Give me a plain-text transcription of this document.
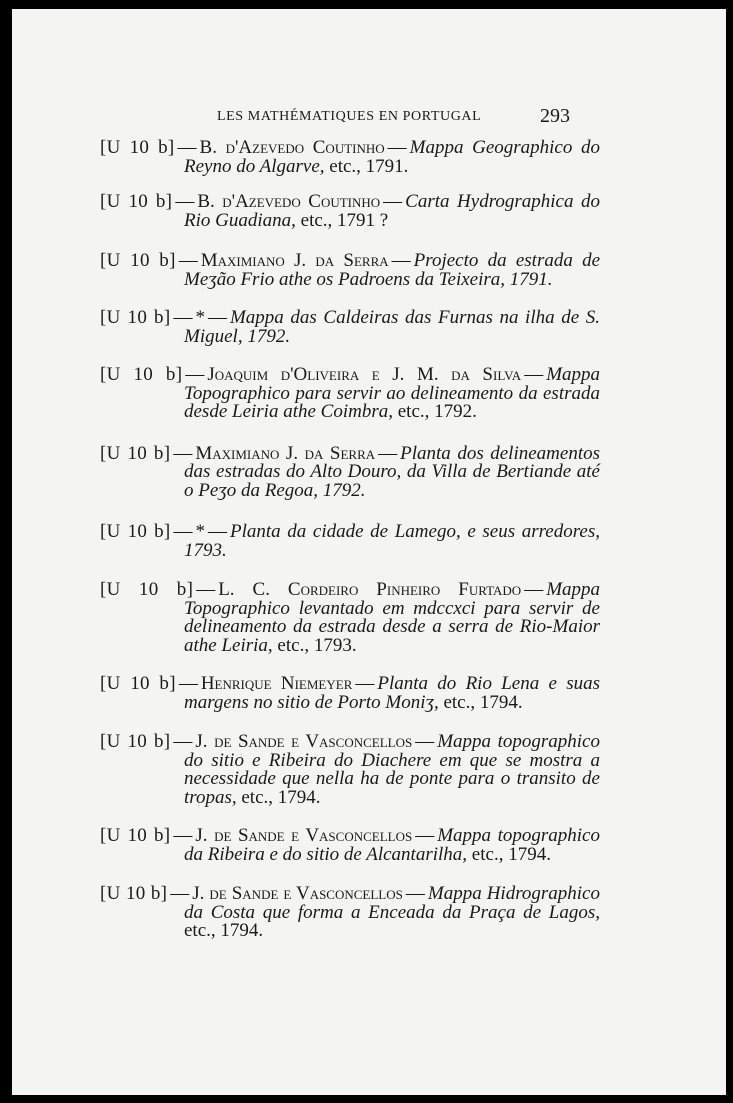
LES MATHÉMATIQUES EN PORTUGAL	293

[U 10 b] — B. d'Azevedo Coutinho — Mappa Geographico do Reyno do Algarve, etc., 1791.

[U 10 b] — B. d'Azevedo Coutinho — Carta Hydrographica do Rio Guadiana, etc., 1791 ?

[U 10 b] — Maximiano J. da Serra — Projecto da estrada de Meʒão Frio athe os Padroens da Teixeira, 1791.

[U 10 b] — * — Mappa das Caldeiras das Furnas na ilha de S. Miguel, 1792.

[U 10 b] — Joaquim d'Oliveira e J. M. da Silva — Mappa Topographico para servir ao delineamento da estrada desde Leiria athe Coimbra, etc., 1792.

[U 10 b] — Maximiano J. da Serra — Planta dos delineamentos das estradas do Alto Douro, da Villa de Bertiande até o Peʒo da Regoa, 1792.

[U 10 b] — * — Planta da cidade de Lamego, e seus arredores, 1793.

[U 10 b] — L. C. Cordeiro Pinheiro Furtado — Mappa Topographico levantado em mdccxci para servir de delineamento da estrada desde a serra de Rio-Maior athe Leiria, etc., 1793.

[U 10 b] — Henrique Niemeyer — Planta do Rio Lena e suas margens no sitio de Porto Moniʒ, etc., 1794.

[U 10 b] — J. de Sande e Vasconcellos — Mappa topographico do sitio e Ribeira do Diachere em que se mostra a necessidade que nella ha de ponte para o transito de tropas, etc., 1794.

[U 10 b] — J. de Sande e Vasconcellos — Mappa topographico da Ribeira e do sitio de Alcantarilha, etc., 1794.

[U 10 b] — J. de Sande e Vasconcellos — Mappa Hidrographico da Costa que forma a Enceada da Praça de Lagos, etc., 1794.
